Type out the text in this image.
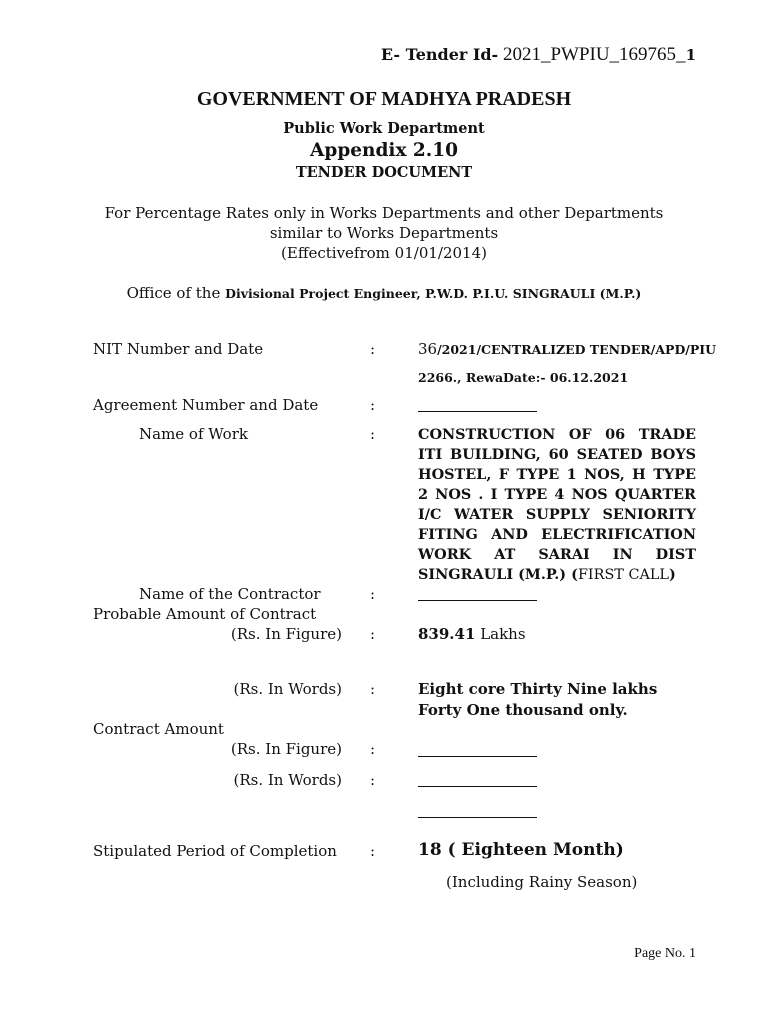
E- Tender Id- 2021_PWPIU_169765_1
GOVERNMENT OF MADHYA PRADESH
Public Work Department
Appendix 2.10
TENDER DOCUMENT
For Percentage Rates only in Works Departments and other Departments
similar to Works Departments
(Effectivefrom 01/01/2014)
Office of the Divisional Project Engineer, P.W.D. P.I.U. SINGRAULI (M.P.)
NIT Number and Date	:	36/2021/CENTRALIZED TENDER/APD/PIU
2266., RewaDate:- 06.12.2021
Agreement Number and Date	:
Name of Work	:	CONSTRUCTION OF 06 TRADE ITI BUILDING, 60 SEATED BOYS HOSTEL, F TYPE 1 NOS, H TYPE 2 NOS . I TYPE 4 NOS QUARTER I/C WATER SUPPLY SENIORITY FITING AND ELECTRIFICATION WORK AT SARAI IN DIST SINGRAULI (M.P.) (FIRST CALL)
Name of the Contractor	:
Probable Amount of Contract
(Rs. In Figure) :	839.41 Lakhs
(Rs. In Words) :	Eight core Thirty Nine lakhs
Forty One thousand only.
Contract Amount
(Rs. In Figure) :
(Rs. In Words) :
Stipulated Period of Completion :	18 ( Eighteen Month)
(Including Rainy Season)
Page No. 1
